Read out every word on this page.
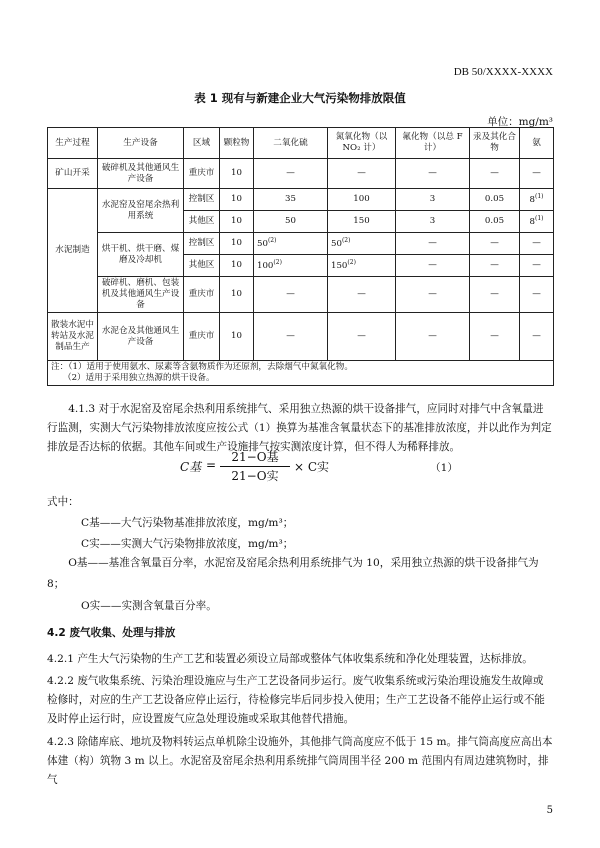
DB 50/XXXX-XXXX
表 1 现有与新建企业大气污染物排放限值
单位：mg/m³
生产过程	生产设备	区域	颗粒物	二氧化硫	氮氧化物（以 NO₂ 计）	氟化物（以总 F 计）	汞及其化合物	氨
矿山开采	破碎机及其他通风生产设备	重庆市	10	—	—	—	—	—
水泥制造	水泥窑及窑尾余热利用系统	控制区	10	35	100	3	0.05	8$^{(1)}$
		其他区	10	50	150	3	0.05	8$^{(1)}$
	烘干机、烘干磨、煤磨及冷却机	控制区	10	50$^{(2)}$	50$^{(2)}$	—	—	—
		其他区	10	100$^{(2)}$	150$^{(2)}$	—	—	—
	破碎机、磨机、包装机及其他通风生产设备	重庆市	10	—	—	—	—	—
散装水泥中转站及水泥制品生产	水泥仓及其他通风生产设备	重庆市	10	—	—	—	—	—

注：（1）适用于使用氨水、尿素等含氨物质作为还原剂，去除烟气中氮氧化物。
（2）适用于采用独立热源的烘干设备。								
4.1.3 对于水泥窑及窑尾余热利用系统排气、采用独立热源的烘干设备排气，应同时对排气中含氧量进行监测，实测大气污染物排放浓度应按公式（1）换算为基准含氧量状态下的基准排放浓度，并以此作为判定排放是否达标的依据。其他车间或生产设施排气按实测浓度计算，但不得人为稀释排放。
C基 =
21−O基
21−O实
× C实	（1）
式中：
C基——大气污染物基准排放浓度，mg/m³；
C实——实测大气污染物排放浓度，mg/m³；
O基——基准含氧量百分率，水泥窑及窑尾余热利用系统排气为 10，采用独立热源的烘干设备排气为 8；
O实——实测含氧量百分率。
4.2 废气收集、处理与排放
4.2.1 产生大气污染物的生产工艺和装置必须设立局部或整体气体收集系统和净化处理装置，达标排放。
4.2.2 废气收集系统、污染治理设施应与生产工艺设备同步运行。废气收集系统或污染治理设施发生故障或检修时，对应的生产工艺设备应停止运行，待检修完毕后同步投入使用；生产工艺设备不能停止运行或不能及时停止运行时，应设置废气应急处理设施或采取其他替代措施。
4.2.3 除储库底、地坑及物料转运点单机除尘设施外，其他排气筒高度应不低于 15 m。排气筒高度应高出本体建（构）筑物 3 m 以上。水泥窑及窑尾余热利用系统排气筒周围半径 200 m 范围内有周边建筑物时，排气
5
